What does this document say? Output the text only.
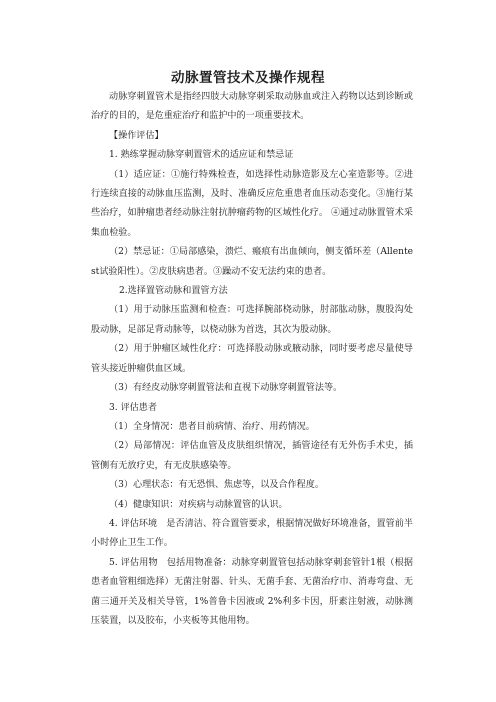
动脉置管技术及操作规程

动脉穿刺置管术是指经四肢大动脉穿刺采取动脉血或注入药物以达到诊断或治疗的目的，是危重症治疗和监护中的一项重要技术。

【操作评估】

1. 熟练掌握动脉穿刺置管术的适应证和禁忌证

（1）适应证：①施行特殊检查，如选择性动脉造影及左心室造影等。②进行连续直接的动脉血压监测，及时、准确反应危重患者血压动态变化。③施行某些治疗，如肿瘤患者经动脉注射抗肿瘤药物的区域性化疗。 ④通过动脉置管术采集血检验。

（2）禁忌证：①局部感染，溃烂、瘢痕有出血倾向，侧支循环差（Allentest试验阳性）。②皮肤病患者。③躁动不安无法约束的患者。

2.选择置管动脉和置管方法

（1）用于动脉压监测和检查：可选择腕部桡动脉，肘部肱动脉，腹股沟处股动脉，足部足背动脉等，以桡动脉为首选，其次为股动脉。

（2）用于肿瘤区域性化疗：可选择股动脉或腋动脉，同时要考虑尽量使导管头接近肿瘤供血区域。

（3）有经皮动脉穿刺置管法和直视下动脉穿刺置管法等。

3. 评估患者

（1）全身情况：患者目前病情、治疗、用药情况。

（2）局部情况：评估血管及皮肤组织情况，插管途径有无外伤手术史，插管侧有无放疗史，有无皮肤感染等。

（3）心理状态：有无恐惧、焦虑等，以及合作程度。

（4）健康知识：对疾病与动脉置管的认识。

4. 评估环境　是否清洁、符合置管要求，根据情况做好环境准备，置管前半小时停止卫生工作。

5. 评估用物　包括用物准备：动脉穿刺置管包括动脉穿刺套管针1根（根据患者血管粗细选择）无菌注射器、针头、无菌手套、无菌治疗巾、消毒弯盘、无菌三通开关及相关导管，1%普鲁卡因液或 2%利多卡因，肝素注射液，动脉测压装置，以及胶布，小夹板等其他用物。
